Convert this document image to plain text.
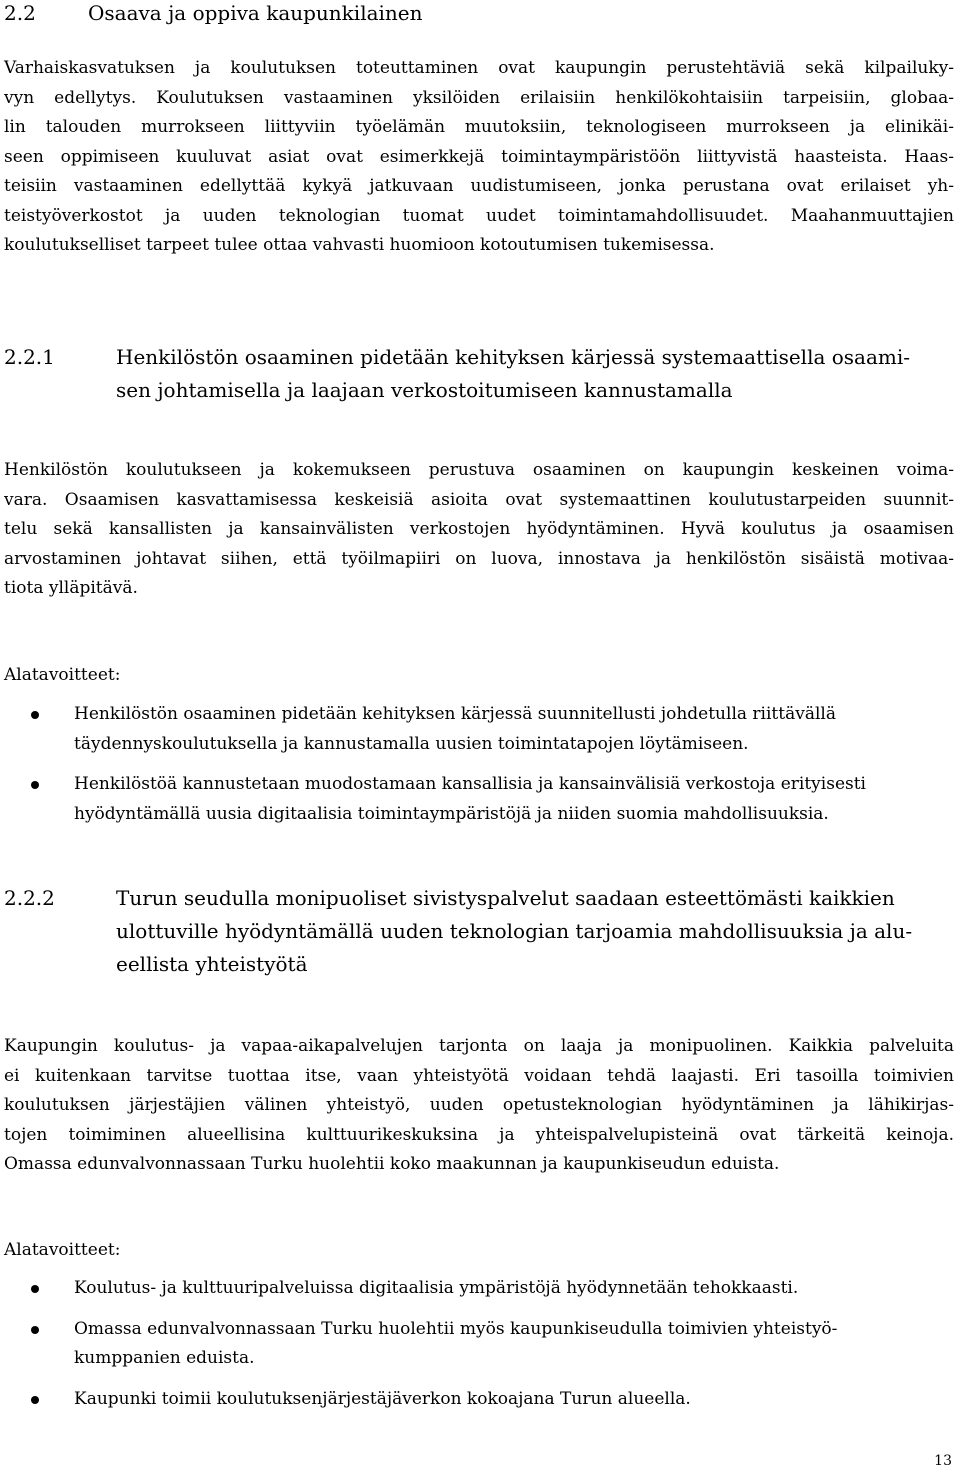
2.2	Osaava ja oppiva kaupunkilainen

Varhaiskasvatuksen ja koulutuksen toteuttaminen ovat kaupungin perustehtäviä sekä kilpailuky-
vyn edellytys. Koulutuksen vastaaminen yksilöiden erilaisiin henkilökohtaisiin tarpeisiin, globaa-
lin talouden murrokseen liittyviin työelämän muutoksiin, teknologiseen murrokseen ja elinikäi-
seen oppimiseen kuuluvat asiat ovat esimerkkejä toimintaympäristöön liittyvistä haasteista. Haas-
teisiin vastaaminen edellyttää kykyä jatkuvaan uudistumiseen, jonka perustana ovat erilaiset yh-
teistyöverkostot ja uuden teknologian tuomat uudet toimintamahdollisuudet. Maahanmuuttajien
koulutukselliset tarpeet tulee ottaa vahvasti huomioon kotoutumisen tukemisessa.

2.2.1	Henkilöstön osaaminen pidetään kehityksen kärjessä systemaattisella osaami-
sen johtamisella ja laajaan verkostoitumiseen kannustamalla

Henkilöstön koulutukseen ja kokemukseen perustuva osaaminen on kaupungin keskeinen voima-
vara. Osaamisen kasvattamisessa keskeisiä asioita ovat systemaattinen koulutustarpeiden suunnit-
telu sekä kansallisten ja kansainvälisten verkostojen hyödyntäminen. Hyvä koulutus ja osaamisen
arvostaminen johtavat siihen, että työilmapiiri on luova, innostava ja henkilöstön sisäistä motivaa-
tiota ylläpitävä.

Alatavoitteet:
Henkilöstön osaaminen pidetään kehityksen kärjessä suunnitellusti johdetulla riittävällä
täydennyskoulutuksella ja kannustamalla uusien toimintatapojen löytämiseen.
Henkilöstöä kannustetaan muodostamaan kansallisia ja kansainvälisiä verkostoja erityisesti
hyödyntämällä uusia digitaalisia toimintaympäristöjä ja niiden suomia mahdollisuuksia.
2.2.2	Turun seudulla monipuoliset sivistyspalvelut saadaan esteettömästi kaikkien
ulottuville hyödyntämällä uuden teknologian tarjoamia mahdollisuuksia ja alu-
eellista yhteistyötä

Kaupungin koulutus- ja vapaa-aikapalvelujen tarjonta on laaja ja monipuolinen. Kaikkia palveluita
ei kuitenkaan tarvitse tuottaa itse, vaan yhteistyötä voidaan tehdä laajasti. Eri tasoilla toimivien
koulutuksen järjestäjien välinen yhteistyö, uuden opetusteknologian hyödyntäminen ja lähikirjas-
tojen toimiminen alueellisina kulttuurikeskuksina ja yhteispalvelupisteinä ovat tärkeitä keinoja.
Omassa edunvalvonnassaan Turku huolehtii koko maakunnan ja kaupunkiseudun eduista.

Alatavoitteet:
Koulutus- ja kulttuuripalveluissa digitaalisia ympäristöjä hyödynnetään tehokkaasti.
Omassa edunvalvonnassaan Turku huolehtii myös kaupunkiseudulla toimivien yhteistyö-
kumppanien eduista.
Kaupunki toimii koulutuksenjärjestäjäverkon kokoajana Turun alueella.
13
